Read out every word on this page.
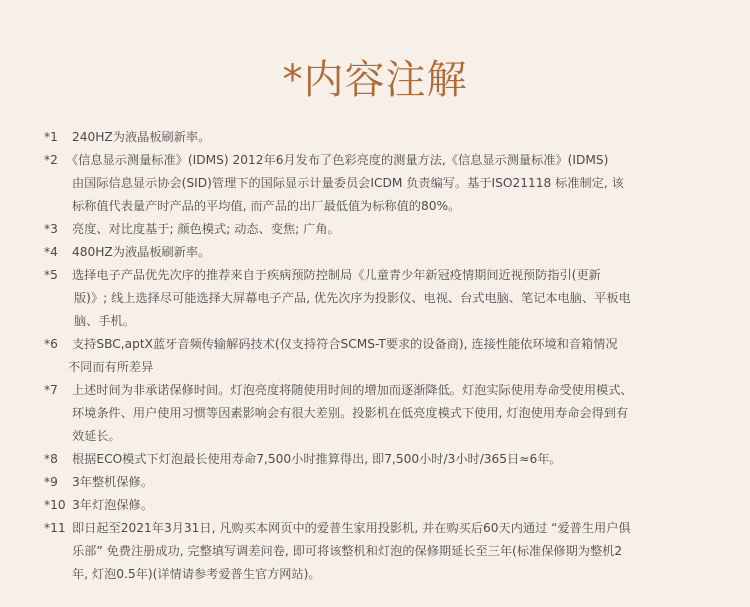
*内容注解
*1	240HZ为液晶板刷新率。
*2 《信息显示测量标准》(IDMS) 2012年6月发布了色彩亮度的测量方法,《信息显示测量标准》(IDMS)
由国际信息显示协会(SID)管理下的国际显示计量委员会ICDM 负责编写。基于ISO21118 标准制定, 该
标称值代表量产时产品的平均值, 而产品的出厂最低值为标称值的80%。
*3	亮度、对比度基于; 颜色模式; 动态、变焦; 广角。
*4	480HZ为液晶板刷新率。
*5	选择电子产品优先次序的推荐来自于疾病预防控制局《儿童青少年新冠疫情期间近视预防指引(更新
版)》; 线上选择尽可能选择大屏幕电子产品, 优先次序为投影仪、电视、台式电脑、笔记本电脑、平板电
脑、手机。
*6	支持SBC,aptX蓝牙音频传输解码技术(仅支持符合SCMS-T要求的设备商), 连接性能依环境和音箱情况
不同而有所差异
*7	上述时间为非承诺保修时间。灯泡亮度将随使用时间的增加而逐渐降低。灯泡实际使用寿命受使用模式、
环境条件、用户使用习惯等因素影响会有很大差别。投影机在低亮度模式下使用, 灯泡使用寿命会得到有
效延长。
*8	根据ECO模式下灯泡最长使用寿命7,500小时推算得出, 即7,500小时/3小时/365日≈6年。
*9	3年整机保修。
*10 3年灯泡保修。
*11 即日起至2021年3月31日, 凡购买本网页中的爱普生家用投影机, 并在购买后60天内通过 “爱普生用户俱
乐部” 免费注册成功, 完整填写调差问卷, 即可将该整机和灯泡的保修期延长至三年(标准保修期为整机2
年, 灯泡0.5年)(详情请参考爱普生官方网站)。
